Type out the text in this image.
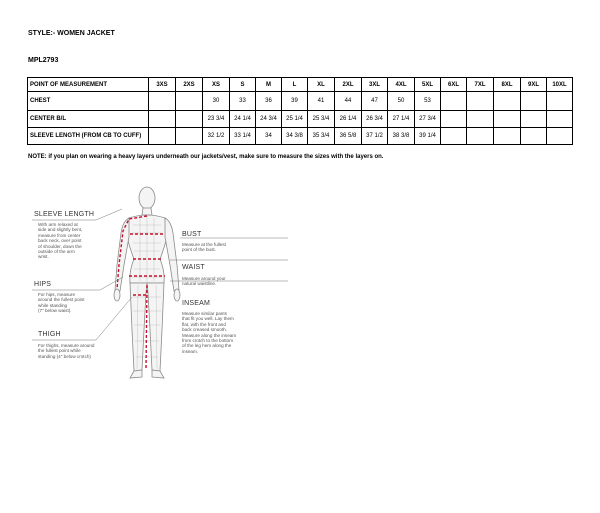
STYLE:- WOMEN JACKET
MPL2793
POINT OF MEASUREMENT	3XS	2XS	XS	S	M	L	XL	2XL	3XL	4XL	5XL	6XL	7XL	8XL	9XL	10XL
CHEST			30	33	36	39	41	44	47	50	53					
CENTER B/L			23 3/4	24 1/4	24 3/4	25 1/4	25 3/4	26 1/4	26 3/4	27 1/4	27 3/4					
SLEEVE LENGTH (FROM CB TO CUFF)			32 1/2	33 1/4	34	34 3/8	35 3/4	36 5/8	37 1/2	38 3/8	39 1/4					
NOTE: if you plan on wearing a heavy layers underneath our jackets/vest, make sure to measure the sizes with the layers on.
SLEEVE LENGTH
With arm relaxed at
side and slightly bent,
measure from center
back neck, over point
of shoulder, down the
outside of the arm
wrist.
HIPS
For hips, measure
around the fullest point
while standing
(7" below waist).
THIGH
For thighs, measure around
the fullest point while
standing (4" below crotch)
BUST
Measure at the fullest
point of the bust.
WAIST
Measure around your
natural waistline.
INSEAM
Measure similar pants
that fit you well. Lay them
flat, with the front and
back creased smooth.
Measure along the inseam
from crotch to the bottom
of the leg hem along the
inseam.
